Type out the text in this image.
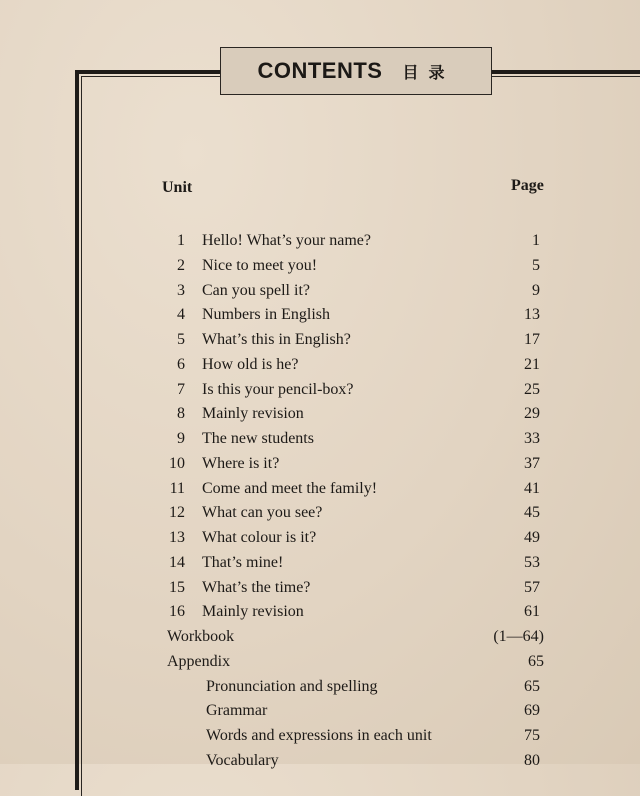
CONTENTS 目录
Unit	Page
1 Hello! What’s your name?	1
2 Nice to meet you!	5
3 Can you spell it?	9
4 Numbers in English	13
5 What’s this in English?	17
6 How old is he?	21
7 Is this your pencil-box?	25
8 Mainly revision	29
9 The new students	33
10 Where is it?	37
11 Come and meet the family!	41
12 What can you see?	45
13 What colour is it?	49
14 That’s mine!	53
15 What’s the time?	57
16 Mainly revision	61
Workbook	(1—64)
Appendix	65
Pronunciation and spelling	65
Grammar	69
Words and expressions in each unit	75
Vocabulary	80
